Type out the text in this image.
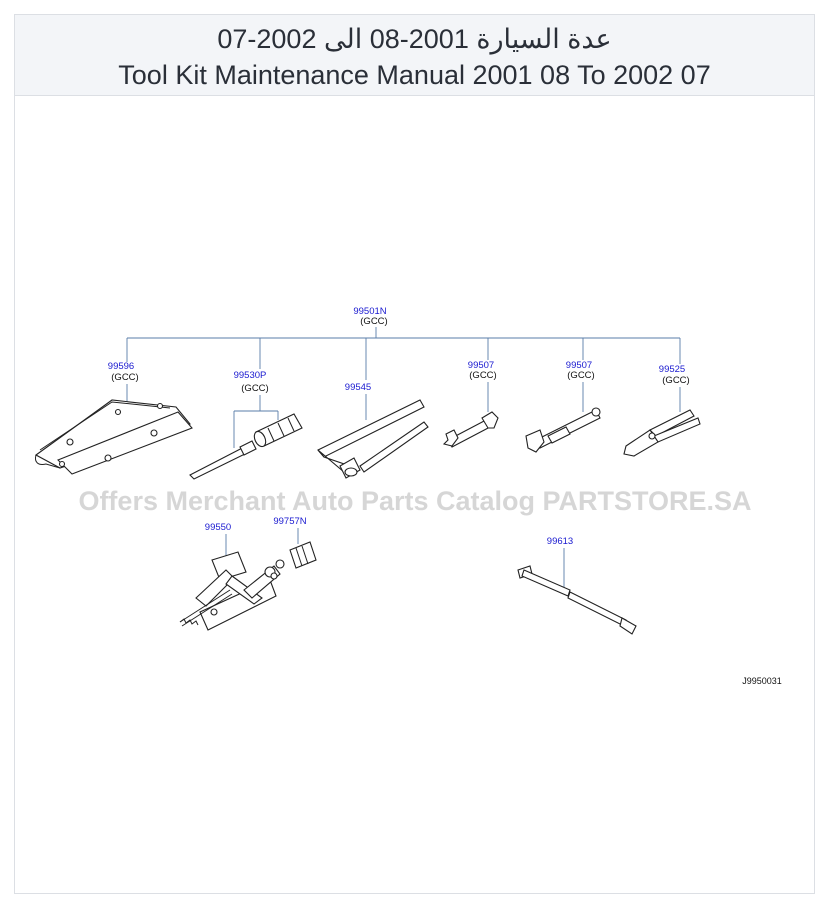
عدة السيارة 2001-08 الى 2002-07
Tool Kit Maintenance Manual 2001 08 To 2002 07
Offers Merchant Auto Parts Catalog PARTSTORE.SA
99501N
(GCC)
99596
(GCC)	99530P
(GCC)	99545
99507
(GCC)
99507
(GCC)
99525
(GCC)
99550
99757N
99613
J9950031
